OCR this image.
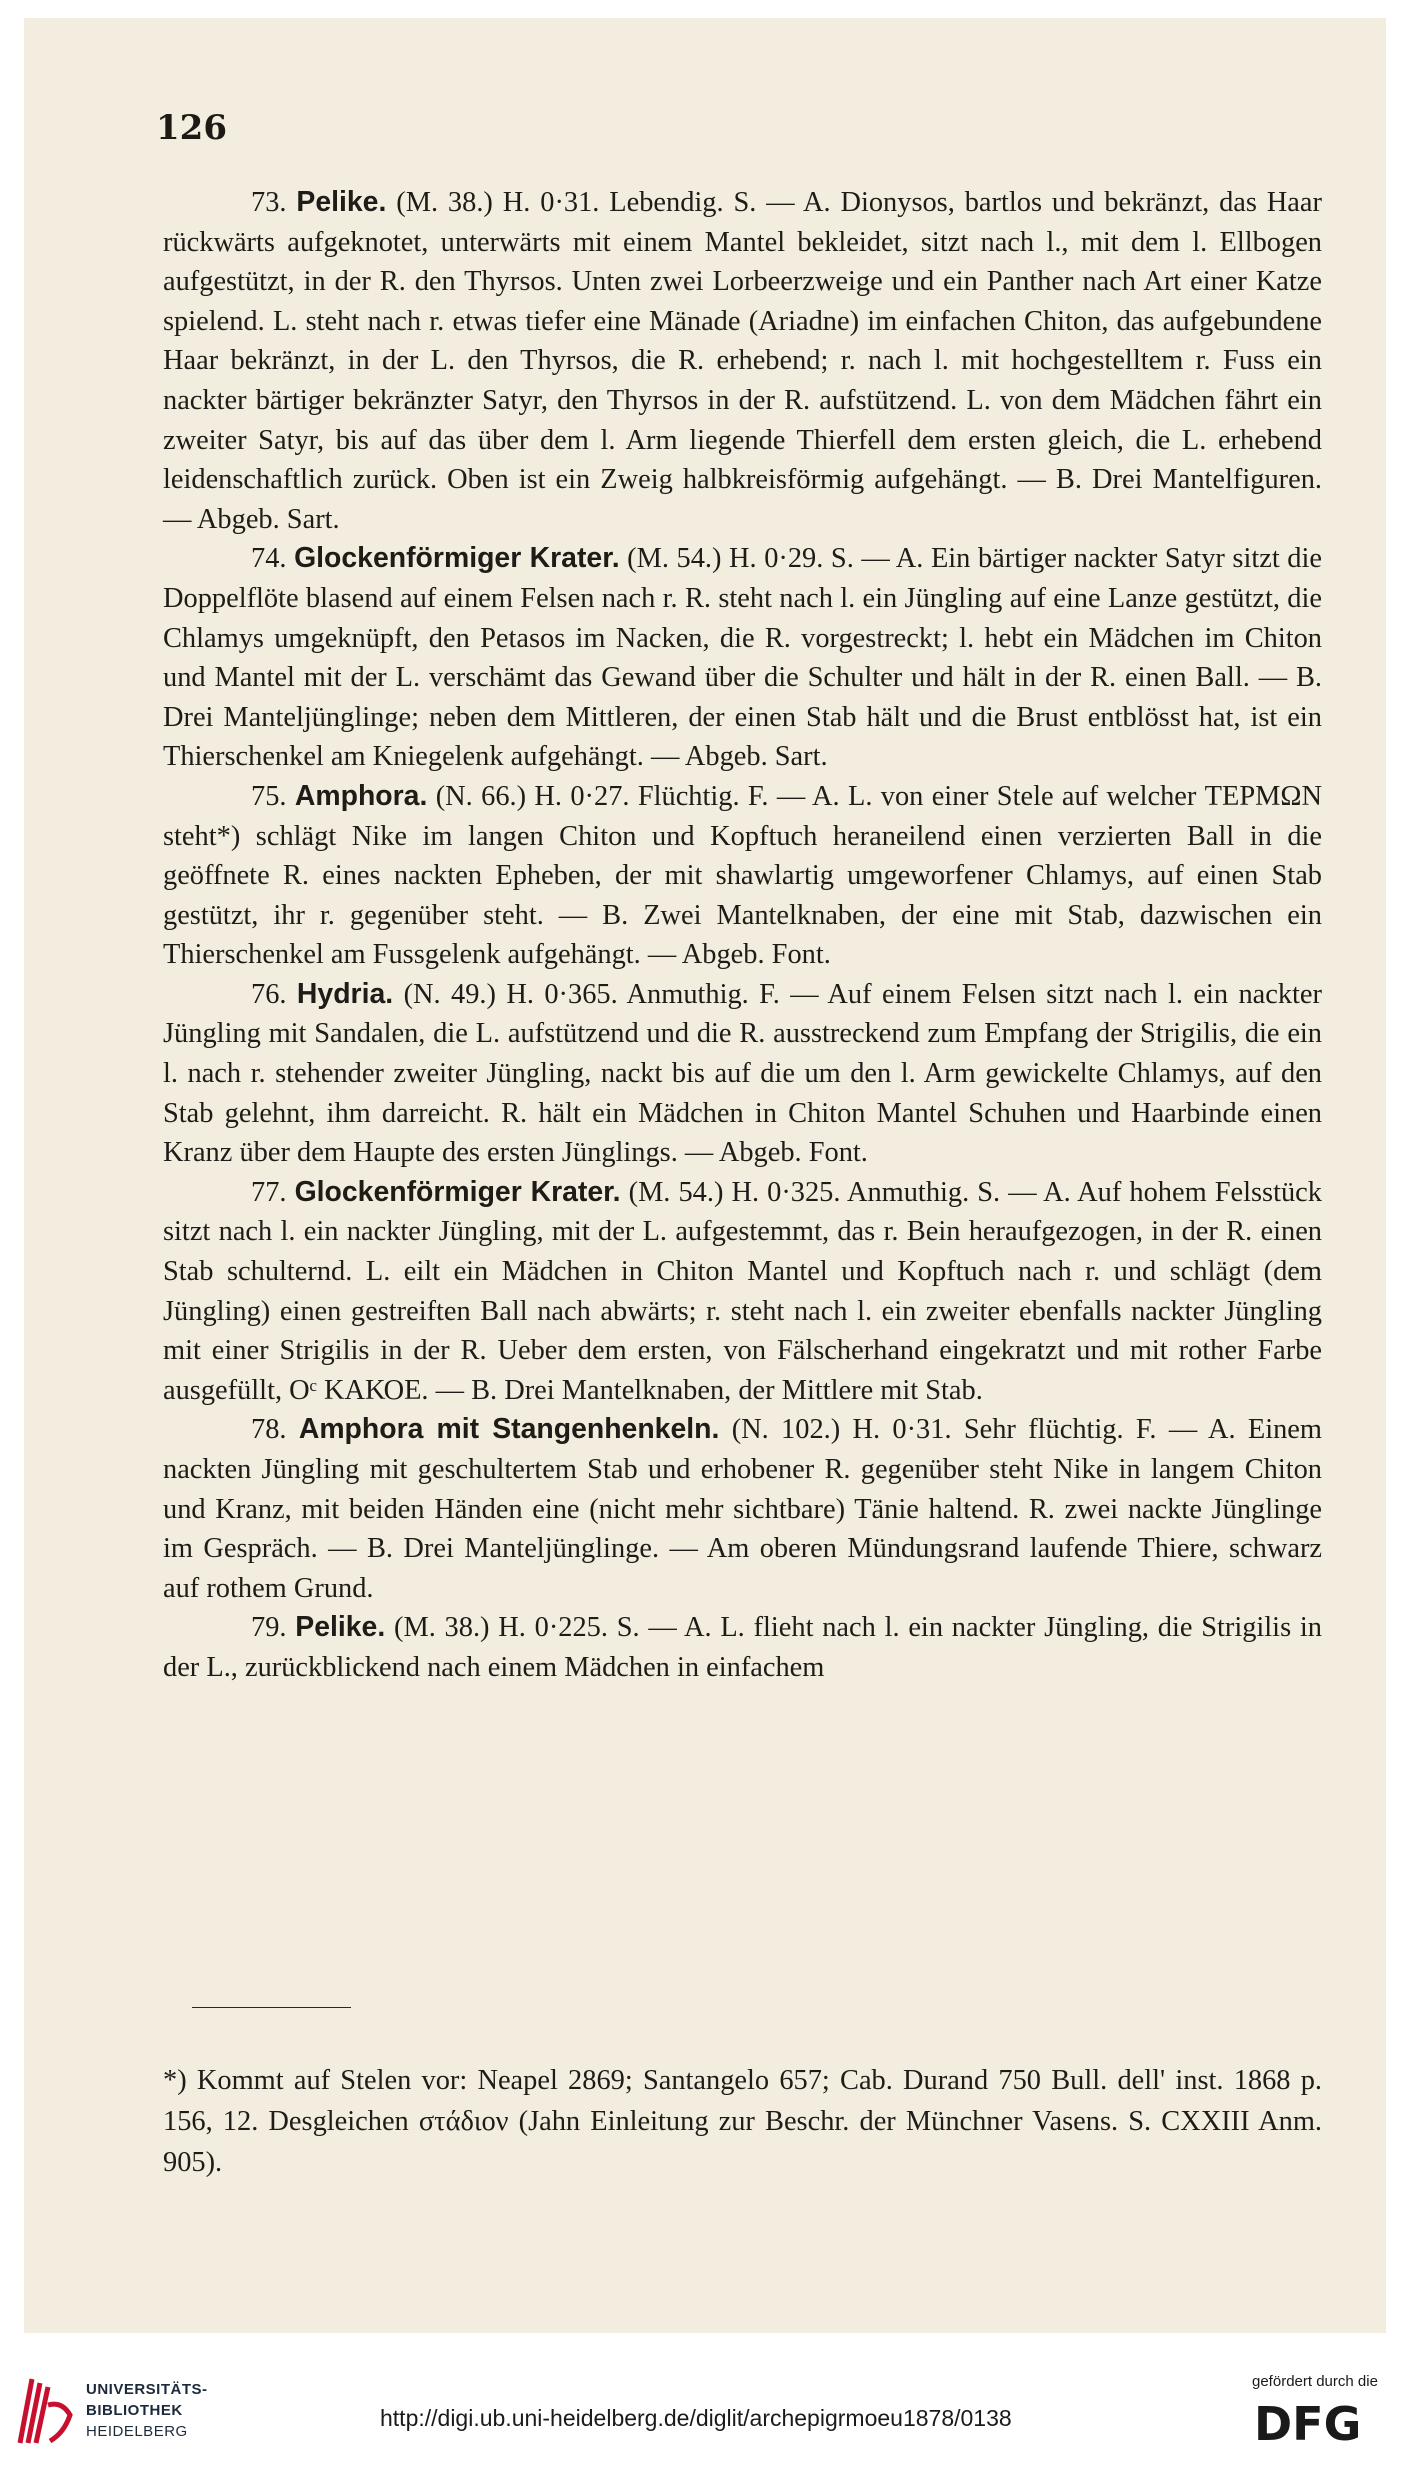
126

73. Pelike. (M. 38.) H. 0·31. Lebendig. S. — A. Dionysos, bartlos und bekränzt, das Haar rückwärts aufgeknotet, unterwärts mit einem Mantel bekleidet, sitzt nach l., mit dem l. Ellbogen aufgestützt, in der R. den Thyrsos. Unten zwei Lorbeerzweige und ein Panther nach Art einer Katze spielend. L. steht nach r. etwas tiefer eine Mänade (Ariadne) im einfachen Chiton, das aufgebundene Haar bekränzt, in der L. den Thyrsos, die R. erhebend; r. nach l. mit hochgestelltem r. Fuss ein nackter bärtiger bekränzter Satyr, den Thyrsos in der R. aufstützend. L. von dem Mädchen fährt ein zweiter Satyr, bis auf das über dem l. Arm liegende Thierfell dem ersten gleich, die L. erhebend leidenschaftlich zurück. Oben ist ein Zweig halbkreisförmig aufgehängt. — B. Drei Mantelfiguren. — Abgeb. Sart.

74. Glockenförmiger Krater. (M. 54.) H. 0·29. S. — A. Ein bärtiger nackter Satyr sitzt die Doppelflöte blasend auf einem Felsen nach r. R. steht nach l. ein Jüngling auf eine Lanze gestützt, die Chlamys umgeknüpft, den Petasos im Nacken, die R. vorgestreckt; l. hebt ein Mädchen im Chiton und Mantel mit der L. verschämt das Gewand über die Schulter und hält in der R. einen Ball. — B. Drei Manteljünglinge; neben dem Mittleren, der einen Stab hält und die Brust entblösst hat, ist ein Thierschenkel am Kniegelenk aufgehängt. — Abgeb. Sart.

75. Amphora. (N. 66.) H. 0·27. Flüchtig. F. — A. L. von einer Stele auf welcher ΤΕΡΜΩΝ steht*) schlägt Nike im langen Chiton und Kopftuch heraneilend einen verzierten Ball in die geöffnete R. eines nackten Epheben, der mit shawlartig umgeworfener Chlamys, auf einen Stab gestützt, ihr r. gegenüber steht. — B. Zwei Mantelknaben, der eine mit Stab, dazwischen ein Thierschenkel am Fussgelenk aufgehängt. — Abgeb. Font.

76. Hydria. (N. 49.) H. 0·365. Anmuthig. F. — Auf einem Felsen sitzt nach l. ein nackter Jüngling mit Sandalen, die L. aufstützend und die R. ausstreckend zum Empfang der Strigilis, die ein l. nach r. stehender zweiter Jüngling, nackt bis auf die um den l. Arm gewickelte Chlamys, auf den Stab gelehnt, ihm darreicht. R. hält ein Mädchen in Chiton Mantel Schuhen und Haarbinde einen Kranz über dem Haupte des ersten Jünglings. — Abgeb. Font.

77. Glockenförmiger Krater. (M. 54.) H. 0·325. Anmuthig. S. — A. Auf hohem Felsstück sitzt nach l. ein nackter Jüngling, mit der L. aufgestemmt, das r. Bein heraufgezogen, in der R. einen Stab schulternd. L. eilt ein Mädchen in Chiton Mantel und Kopftuch nach r. und schlägt (dem Jüngling) einen gestreiften Ball nach abwärts; r. steht nach l. ein zweiter ebenfalls nackter Jüngling mit einer Strigilis in der R. Ueber dem ersten, von Fälscherhand eingekratzt und mit rother Farbe ausgefüllt, Oᶜ ΚΑΚΟΕ. — B. Drei Mantelknaben, der Mittlere mit Stab.

78. Amphora mit Stangenhenkeln. (N. 102.) H. 0·31. Sehr flüchtig. F. — A. Einem nackten Jüngling mit geschultertem Stab und erhobener R. gegenüber steht Nike in langem Chiton und Kranz, mit beiden Händen eine (nicht mehr sichtbare) Tänie haltend. R. zwei nackte Jünglinge im Gespräch. — B. Drei Manteljünglinge. — Am oberen Mündungsrand laufende Thiere, schwarz auf rothem Grund.

79. Pelike. (M. 38.) H. 0·225. S. — A. L. flieht nach l. ein nackter Jüngling, die Strigilis in der L., zurückblickend nach einem Mädchen in einfachem

*) Kommt auf Stelen vor: Neapel 2869; Santangelo 657; Cab. Durand 750 Bull. dell' inst. 1868 p. 156, 12. Desgleichen στάδιον (Jahn Einleitung zur Beschr. der Münchner Vasens. S. CXXIII Anm. 905).

UNIVERSITÄTS-
BIBLIOTHEK
HEIDELBERG
http://digi.ub.uni-heidelberg.de/diglit/archepigrmoeu1878/0138
gefördert durch die
DFG
